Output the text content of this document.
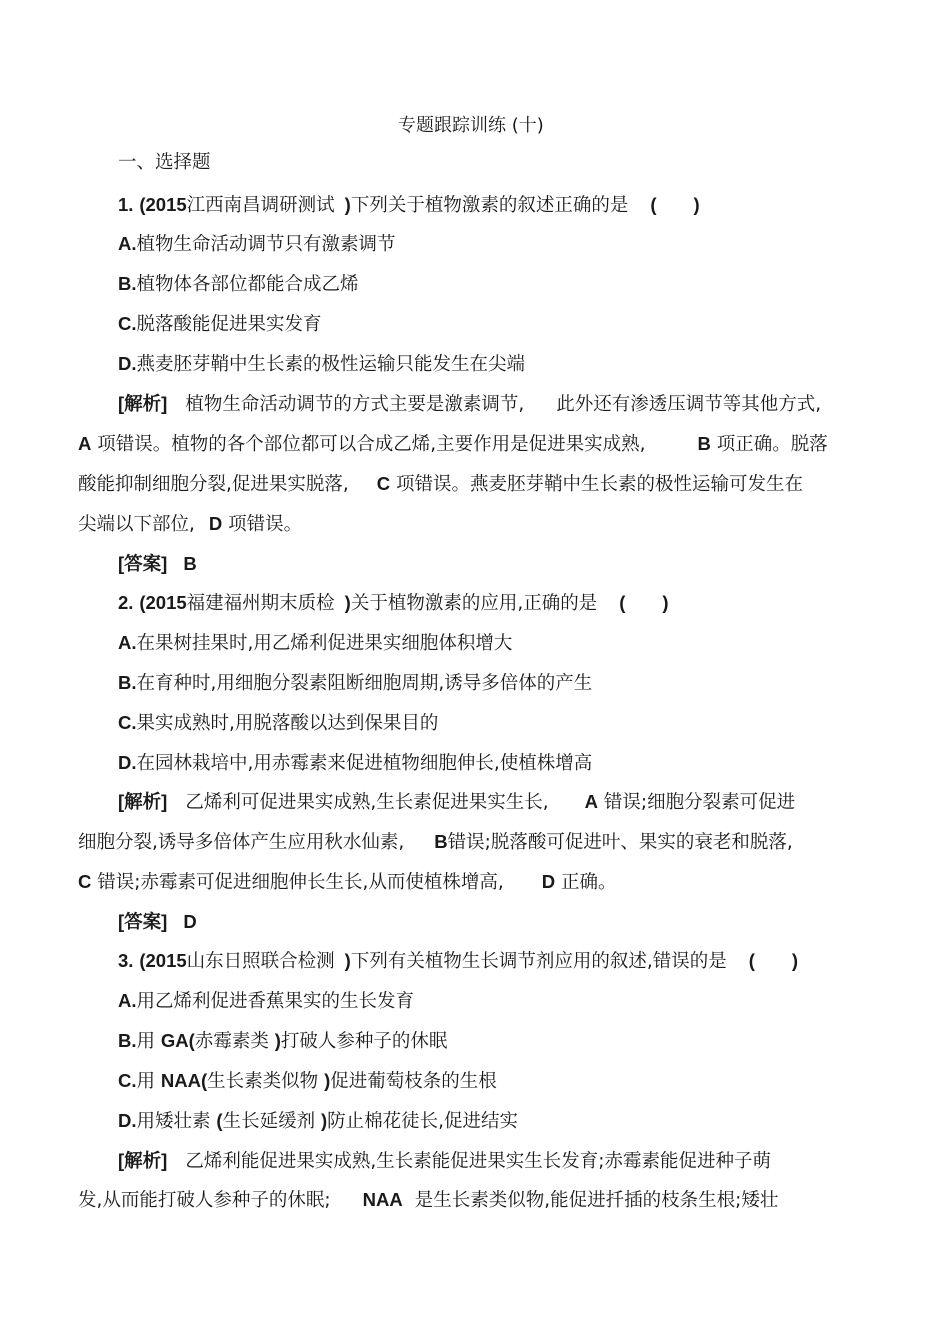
专题跟踪训练 (十)
一、选择题
1. (2015江西南昌调研测试 )下列关于植物激素的叙述正确的是 (　　)
A.植物生命活动调节只有激素调节
B.植物体各部位都能合成乙烯
C.脱落酸能促进果实发育
D.燕麦胚芽鞘中生长素的极性运输只能发生在尖端
[解析] 植物生命活动调节的方式主要是激素调节, 此外还有渗透压调节等其他方式,
A 项错误。植物的各个部位都可以合成乙烯,主要作用是促进果实成熟,	B 项正确。脱落
酸能抑制细胞分裂,促进果实脱落, C 项错误。燕麦胚芽鞘中生长素的极性运输可发生在
尖端以下部位, D 项错误。
[答案] B
2. (2015福建福州期末质检 )关于植物激素的应用,正确的是 (　　)
A.在果树挂果时,用乙烯利促进果实细胞体积增大
B.在育种时,用细胞分裂素阻断细胞周期,诱导多倍体的产生
C.果实成熟时,用脱落酸以达到保果目的
D.在园林栽培中,用赤霉素来促进植物细胞伸长,使植株增高
[解析] 乙烯利可促进果实成熟,生长素促进果实生长, A 错误;细胞分裂素可促进
细胞分裂,诱导多倍体产生应用秋水仙素, B错误;脱落酸可促进叶、果实的衰老和脱落,
C 错误;赤霉素可促进细胞伸长生长,从而使植株增高, D 正确。
[答案] D
3. (2015山东日照联合检测 )下列有关植物生长调节剂应用的叙述,错误的是 (　　)
A.用乙烯利促进香蕉果实的生长发育
B.用 GA(赤霉素类 )打破人参种子的休眠
C.用 NAA(生长素类似物 )促进葡萄枝条的生根
D.用矮壮素 (生长延缓剂 )防止棉花徒长,促进结实
[解析] 乙烯利能促进果实成熟,生长素能促进果实生长发育;赤霉素能促进种子萌
发,从而能打破人参种子的休眠; NAA 是生长素类似物,能促进扦插的枝条生根;矮壮
